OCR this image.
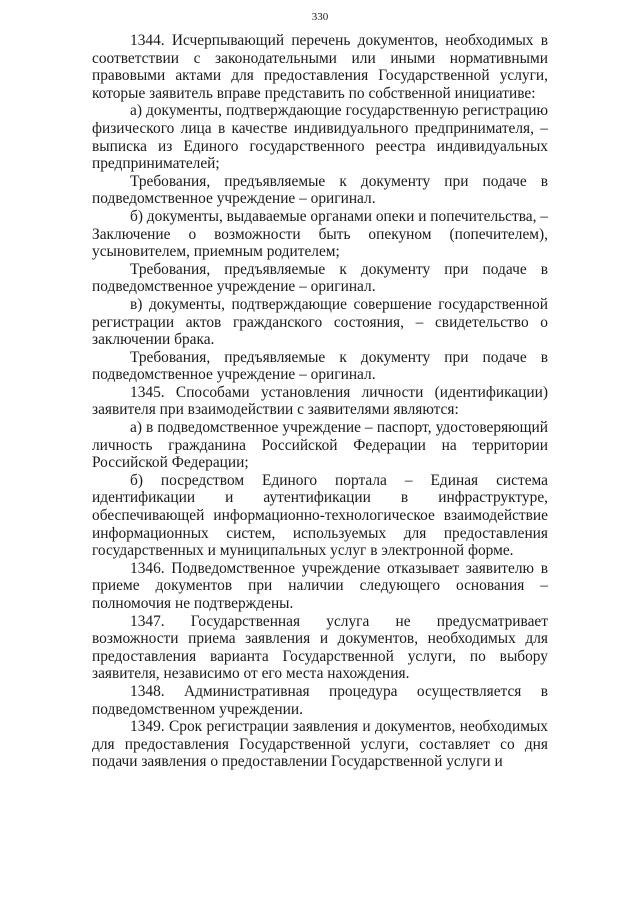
330

1344. Исчерпывающий перечень документов, необходимых в соответствии с законодательными или иными нормативными правовыми актами для предоставления Государственной услуги, которые заявитель вправе представить по собственной инициативе:

а) документы, подтверждающие государственную регистрацию физического лица в качестве индивидуального предпринимателя, – выписка из Единого государственного реестра индивидуальных предпринимателей;

Требования, предъявляемые к документу при подаче в подведомственное учреждение – оригинал.

б) документы, выдаваемые органами опеки и попечительства, – Заключение о возможности быть опекуном (попечителем), усыновителем, приемным родителем;

Требования, предъявляемые к документу при подаче в подведомственное учреждение – оригинал.

в) документы, подтверждающие совершение государственной регистрации актов гражданского состояния, – свидетельство о заключении брака.

Требования, предъявляемые к документу при подаче в подведомственное учреждение – оригинал.

1345. Способами установления личности (идентификации) заявителя при взаимодействии с заявителями являются:

а) в подведомственное учреждение – паспорт, удостоверяющий личность гражданина Российской Федерации на территории Российской Федерации;

б) посредством Единого портала – Единая система идентификации и аутентификации в инфраструктуре, обеспечивающей информационно-технологическое взаимодействие информационных систем, используемых для предоставления государственных и муниципальных услуг в электронной форме.

1346. Подведомственное учреждение отказывает заявителю в приеме документов при наличии следующего основания – полномочия не подтверждены.

1347. Государственная услуга не предусматривает возможности приема заявления и документов, необходимых для предоставления варианта Государственной услуги, по выбору заявителя, независимо от его места нахождения.

1348. Административная процедура осуществляется в подведомственном учреждении.

1349. Срок регистрации заявления и документов, необходимых для предоставления Государственной услуги, составляет со дня подачи заявления о предоставлении Государственной услуги и
